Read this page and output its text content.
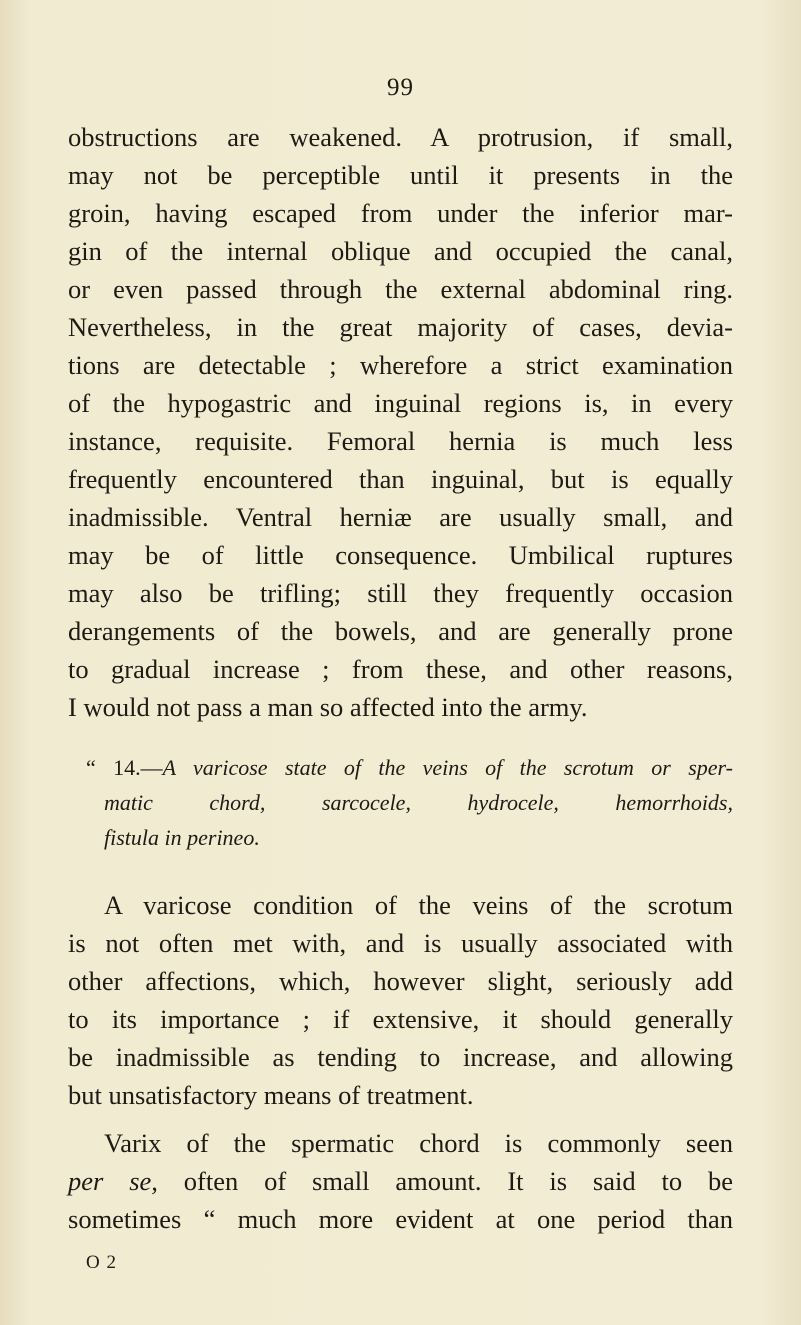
99
obstructions are weakened. A protrusion, if small,
may not be perceptible until it presents in the
groin, having escaped from under the inferior mar-
gin of the internal oblique and occupied the canal,
or even passed through the external abdominal ring.
Nevertheless, in the great majority of cases, devia-
tions are detectable ; wherefore a strict examination
of the hypogastric and inguinal regions is, in every
instance, requisite. Femoral hernia is much less
frequently encountered than inguinal, but is equally
inadmissible. Ventral herniæ are usually small, and
may be of little consequence. Umbilical ruptures
may also be trifling; still they frequently occasion
derangements of the bowels, and are generally prone
to gradual increase ; from these, and other reasons,
I would not pass a man so affected into the army.
“ 14.—A varicose state of the veins of the scrotum or sper-
matic chord, sarcocele, hydrocele, hemorrhoids,
fistula in perineo.
A varicose condition of the veins of the scrotum
is not often met with, and is usually associated with
other affections, which, however slight, seriously add
to its importance ; if extensive, it should generally
be inadmissible as tending to increase, and allowing
but unsatisfactory means of treatment.
Varix of the spermatic chord is commonly seen
per se, often of small amount. It is said to be
sometimes “ much more evident at one period than
O 2
